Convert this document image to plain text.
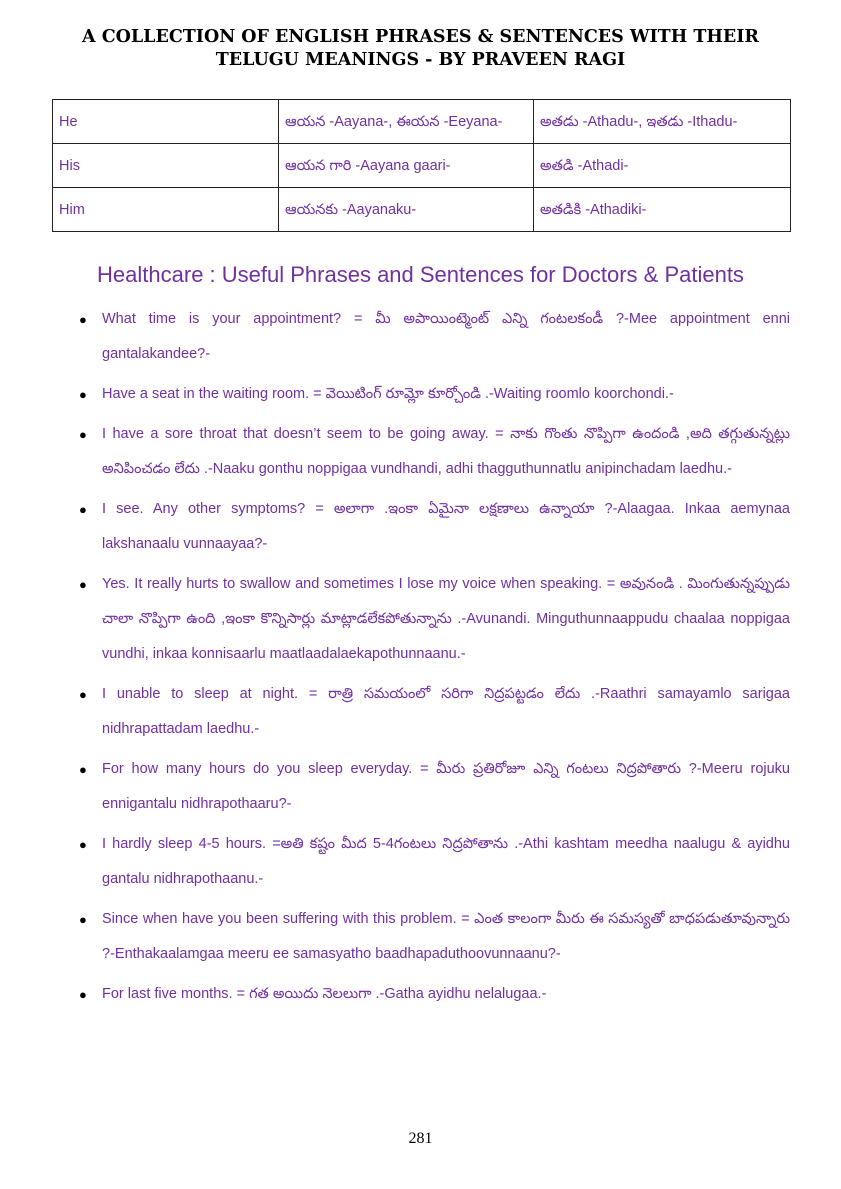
A COLLECTION OF ENGLISH PHRASES & SENTENCES WITH THEIR
TELUGU MEANINGS - BY PRAVEEN RAGI
He	ఆయన -Aayana-, ఈయన -Eeyana-	అతడు -Athadu-, ఇతడు -Ithadu-
His	ఆయన గారి -Aayana gaari-	అతడి -Athadi-
Him	ఆయనకు -Aayanaku-	అతడికి -Athadiki-
Healthcare : Useful Phrases and Sentences for Doctors & Patients
● What time is your appointment? = మీ అపాయింట్మెంట్ ఎన్ని గంటలకండీ ?-Mee appointment enni gantalakandee?-
● Have a seat in the waiting room. = వెయిటింగ్ రూమ్లో కూర్చోండి .-Waiting roomlo koorchondi.-
● I have a sore throat that doesn’t seem to be going away. = నాకు గొంతు నొప్పిగా ఉందండి ,అది తగ్గుతున్నట్లు అనిపించడం లేదు .-Naaku gonthu noppigaa vundhandi, adhi thagguthunnatlu anipinchadam laedhu.-
● I see. Any other symptoms? = అలాగా .ఇంకా ఏమైనా లక్షణాలు ఉన్నాయా ?-Alaagaa. Inkaa aemynaa lakshanaalu vunnaayaa?-
● Yes. It really hurts to swallow and sometimes I lose my voice when speaking. = అవునండి . మింగుతున్నప్పుడు చాలా నొప్పిగా ఉంది ,ఇంకా కొన్నిసార్లు మాట్లాడలేకపోతున్నాను .-Avunandi. Minguthunnaappudu chaalaa noppigaa vundhi, inkaa konnisaarlu maatlaadalaekapothunnaanu.-
● I unable to sleep at night. = రాత్రి సమయంలో సరిగా నిద్రపట్టడం లేదు .-Raathri samayamlo sarigaa nidhrapattadam laedhu.-
● For how many hours do you sleep everyday. = మీరు ప్రతిరోజూ ఎన్ని గంటలు నిద్రపోతారు ?-Meeru rojuku ennigantalu nidhrapothaaru?-
● I hardly sleep 4-5 hours. =అతి కష్టం మీద 5-4గంటలు నిద్రపోతాను .-Athi kashtam meedha naalugu & ayidhu gantalu nidhrapothaanu.-
● Since when have you been suffering with this problem. = ఎంత కాలంగా మీరు ఈ సమస్యతో బాధపడుతూవున్నారు ?-Enthakaalamgaa meeru ee samasyatho baadhapaduthoovunnaanu?-
● For last five months. = గత అయిదు నెలలుగా .-Gatha ayidhu nelalugaa.-
281
